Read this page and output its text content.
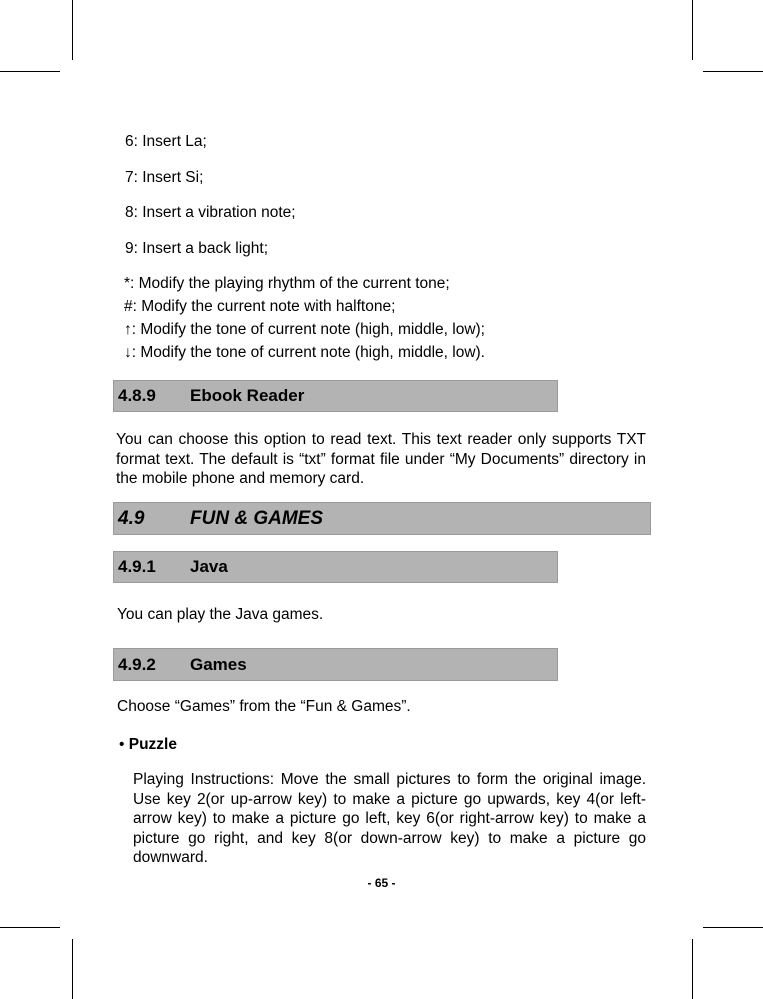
6: Insert La;
7: Insert Si;
8: Insert a vibration note;
9: Insert a back light;
*: Modify the playing rhythm of the current tone;
#: Modify the current note with halftone;
↑: Modify the tone of current note (high, middle, low);
↓: Modify the tone of current note (high, middle, low).
4.8.9 Ebook Reader
You can choose this option to read text. This text reader only supports TXT format text. The default is “txt” format file under “My Documents” directory in the mobile phone and memory card.
4.9 FUN & GAMES
4.9.1 Java
You can play the Java games.
4.9.2 Games
Choose “Games” from the “Fun & Games”.
• Puzzle
Playing Instructions: Move the small pictures to form the original image. Use key 2(or up-arrow key) to make a picture go upwards, key 4(or left-arrow key) to make a picture go left, key 6(or right-arrow key) to make a picture go right, and key 8(or down-arrow key) to make a picture go downward.
- 65 -
